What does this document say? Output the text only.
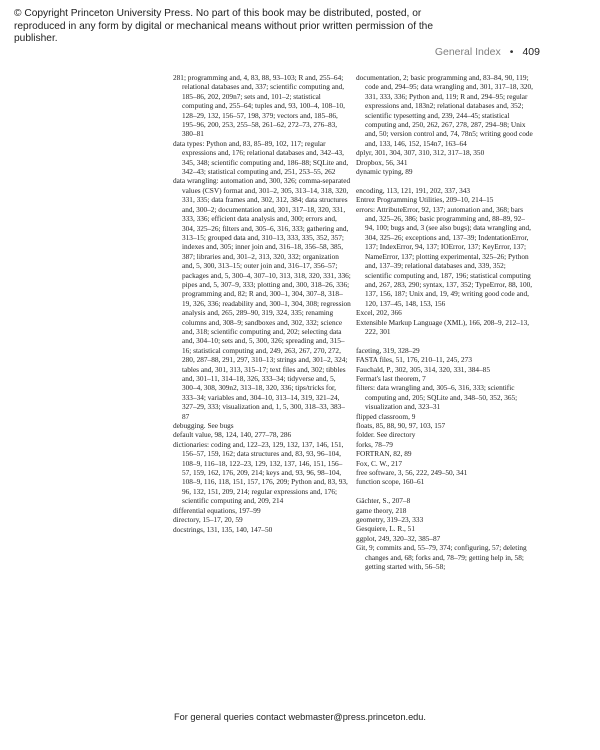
© Copyright Princeton University Press. No part of this book may be distributed, posted, or reproduced in any form by digital or mechanical means without prior written permission of the publisher.
General Index • 409

281; programming and, 4, 83, 88, 93–103; R and, 255–64; relational databases and, 337; scientific computing and, 185–86, 202, 209n7; sets and, 101–2; statistical computing and, 255–64; tuples and, 93, 100–4, 108–10, 128–29, 132, 156–57, 198, 379; vectors and, 185–86, 195–96, 200, 253, 255–58, 261–62, 272–73, 276–83, 380–81

data types: Python and, 83, 85–89, 102, 117; regular expressions and, 176; relational databases and, 342–43, 345, 348; scientific computing and, 186–88; SQLite and, 342–43; statistical computing and, 251, 253–55, 262

data wrangling: automation and, 300, 326; comma-separated values (CSV) format and, 301–2, 305, 313–14, 318, 320, 331, 335; data frames and, 302, 312, 384; data structures and, 300–2; documentation and, 301, 317–18, 320, 331, 333, 336; efficient data analysis and, 300; errors and, 304, 325–26; filters and, 305–6, 316, 333; gathering and, 313–15; grouped data and, 310–13, 333, 335, 352, 357; indexes and, 305; inner join and, 316–18, 356–58, 385, 387; libraries and, 301–2, 313, 320, 332; organization and, 5, 300, 313–15; outer join and, 316–17, 356–57; packages and, 5, 300–4, 307–10, 313, 318, 320, 331, 336; pipes and, 5, 307–9, 333; plotting and, 300, 318–26, 336; programming and, 82; R and, 300–1, 304, 307–8, 318–19, 326, 336; readability and, 300–1, 304, 308; regression analysis and, 265, 289–90, 319, 324, 335; renaming columns and, 308–9; sandboxes and, 302, 332; science and, 318; scientific computing and, 202; selecting data and, 304–10; sets and, 5, 300, 326; spreading and, 315–16; statistical computing and, 249, 263, 267, 270, 272, 280, 287–88, 291, 297, 310–13; strings and, 301–2, 324; tables and, 301, 313, 315–17; text files and, 302; tibbles and, 301–11, 314–18, 326, 333–34; tidyverse and, 5, 300–4, 308, 309n2, 313–18, 320, 336; tips/tricks for, 333–34; variables and, 304–10, 313–14, 319, 321–24, 327–29, 333; visualization and, 1, 5, 300, 318–33, 383–87

debugging. See bugs

default value, 98, 124, 140, 277–78, 286

dictionaries: coding and, 122–23, 129, 132, 137, 146, 151, 156–57, 159, 162; data structures and, 83, 93, 96–104, 108–9, 116–18, 122–23, 129, 132, 137, 146, 151, 156–57, 159, 162, 176, 209, 214; keys and, 93, 96, 98–104, 108–9, 116, 118, 151, 157, 176, 209; Python and, 83, 93, 96, 132, 151, 209, 214; regular expressions and, 176; scientific computing and, 209, 214

differential equations, 197–99

directory, 15–17, 20, 59

docstrings, 131, 135, 140, 147–50

documentation, 2; basic programming and, 83–84, 90, 119; code and, 294–95; data wrangling and, 301, 317–18, 320, 331, 333, 336; Python and, 119; R and, 294–95; regular expressions and, 183n2; relational databases and, 352; scientific typesetting and, 239, 244–45; statistical computing and, 250, 262, 267, 278, 287, 294–98; Unix and, 50; version control and, 74, 78n5; writing good code and, 133, 146, 152, 154n7, 163–64

dplyr, 301, 304, 307, 310, 312, 317–18, 350

Dropbox, 56, 341

dynamic typing, 89

encoding, 113, 121, 191, 202, 337, 343

Entrez Programming Utilities, 209–10, 214–15

errors: AttributeError, 92, 137; automation and, 368; bars and, 325–26, 386; basic programming and, 88–89, 92–94, 100; bugs and, 3 (see also bugs); data wrangling and, 304, 325–26; exceptions and, 137–39; IndentationError, 137; IndexError, 94, 137; IOError, 137; KeyError, 137; NameError, 137; plotting experimental, 325–26; Python and, 137–39; relational databases and, 339, 352; scientific computing and, 187, 196; statistical computing and, 267, 283, 290; syntax, 137, 352; TypeError, 88, 100, 137, 156, 187; Unix and, 19, 49; writing good code and, 120, 137–45, 148, 153, 156

Excel, 202, 366

Extensible Markup Language (XML), 166, 208–9, 212–13, 222, 301

faceting, 319, 328–29

FASTA files, 51, 176, 210–11, 245, 273

Fauchald, P., 302, 305, 314, 320, 331, 384–85

Fermat's last theorem, 7

filters: data wrangling and, 305–6, 316, 333; scientific computing and, 205; SQLite and, 348–50, 352, 365; visualization and, 323–31

flipped classroom, 9

floats, 85, 88, 90, 97, 103, 157

folder. See directory

forks, 78–79

FORTRAN, 82, 89

Fox, C. W., 217

free software, 3, 56, 222, 249–50, 341

function scope, 160–61

Gächter, S., 207–8

game theory, 218

geometry, 319–23, 333

Gesquiere, L. R., 51

ggplot, 249, 320–32, 385–87

Git, 9; commits and, 55–79, 374; configuring, 57; deleting changes and, 68; forks and, 78–79; getting help in, 58; getting started with, 56–58;

For general queries contact webmaster@press.princeton.edu.
